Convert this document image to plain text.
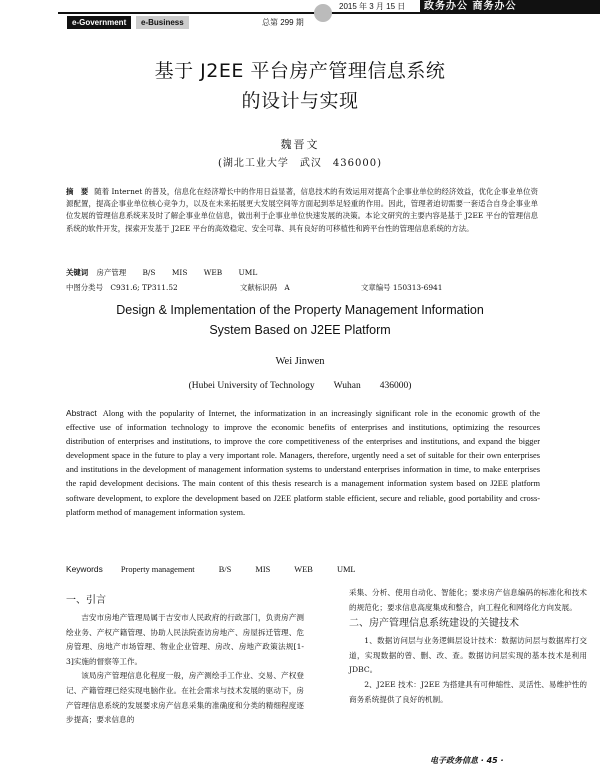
e-Government	e-Business	总第 299 期
2015 年 3 月 15 日	政务办公 商务办公
基于 J2EE 平台房产管理信息系统
的设计与实现
魏晋文
(湖北工业大学　武汉　436000)
摘　要 随着 Internet 的普及，信息化在经济增长中的作用日益显著，信息技术的有效运用对提高个企事业单位的经济效益，优化企事业单位资源配置，提高企事业单位核心竞争力，以及在未来拓展更大发展空间等方面起到举足轻重的作用。因此，管理者迫切需要一套适合自身企事业单位发展的管理信息系统来及时了解企事业单位信息，做出利于企事业单位快速发展的决策。本论文研究的主要内容是基于 J2EE 平台的管理信息系统的软件开发，探索开发基于 J2EE 平台的高效稳定、安全可靠、具有良好的可移植性和跨平台性的管理信息系统的方法。
关键词 房产管理 B/S MIS WEB UML
中图分类号　C931.6; TP311.52	文献标识码　A	文章编号 150313-6941
Design & Implementation of the Property Management Information
System Based on J2EE Platform
Wei Jinwen
(Hubei University of Technology　　Wuhan　　436000)
Abstract Along with the popularity of Internet, the informatization in an increasingly significant role in the economic growth of the effective use of information technology to improve the economic benefits of enterprises and institutions, optimizing the resources distribution of enterprises and institutions, to improve the core competitiveness of the enterprises and institutions, and expand the bigger development space in the future to play a very important role. Managers, therefore, urgently need a set of suitable for their own enterprises and institutions in the development of management information systems to understand enterprises information in time, to make enterprises the rapid development decisions. The main content of this thesis research is a management information system based on J2EE platform software development, to explore the development based on J2EE platform stable efficient, secure and reliable, good portability and cross-platform method of management information system.
Keywords Property management	B/S	MIS	WEB	UML
一、引言

吉安市房地产管理局属于吉安市人民政府的行政部门，负责房产测绘业务、产权产籍管理、协助人民法院查访房地产、房屋拆迁管理、危房管理、房地产市场管理、物业企业管理、房改、房地产政策法规[1-3]实施的督察等工作。

该局房产管理信息化程度一般，房产测绘手工作业、交易、产权登记、产籍管理已经实现电脑作业。在社会需求与技术发展的驱动下，房产管理信息系统的发展要求房产信息采集的准确度和分类的精细程度逐步提高；要求信息的

采集、分析、使用自动化、智能化；要求房产信息编码的标准化和技术的规范化；要求信息高度集成和整合，向工程化和网络化方向发展。

二、房产管理信息系统建设的关键技术

1、数据访问层与业务逻辑层设计技术：数据访问层与数据库打交道，实现数据的曾、删、改、查。数据访问层实现的基本技术是利用 JDBC。

2、J2EE 技术：J2EE 为搭建具有可伸缩性、灵活性、易维护性的商务系统提供了良好的机制。

电子政务信息 · 45 ·
